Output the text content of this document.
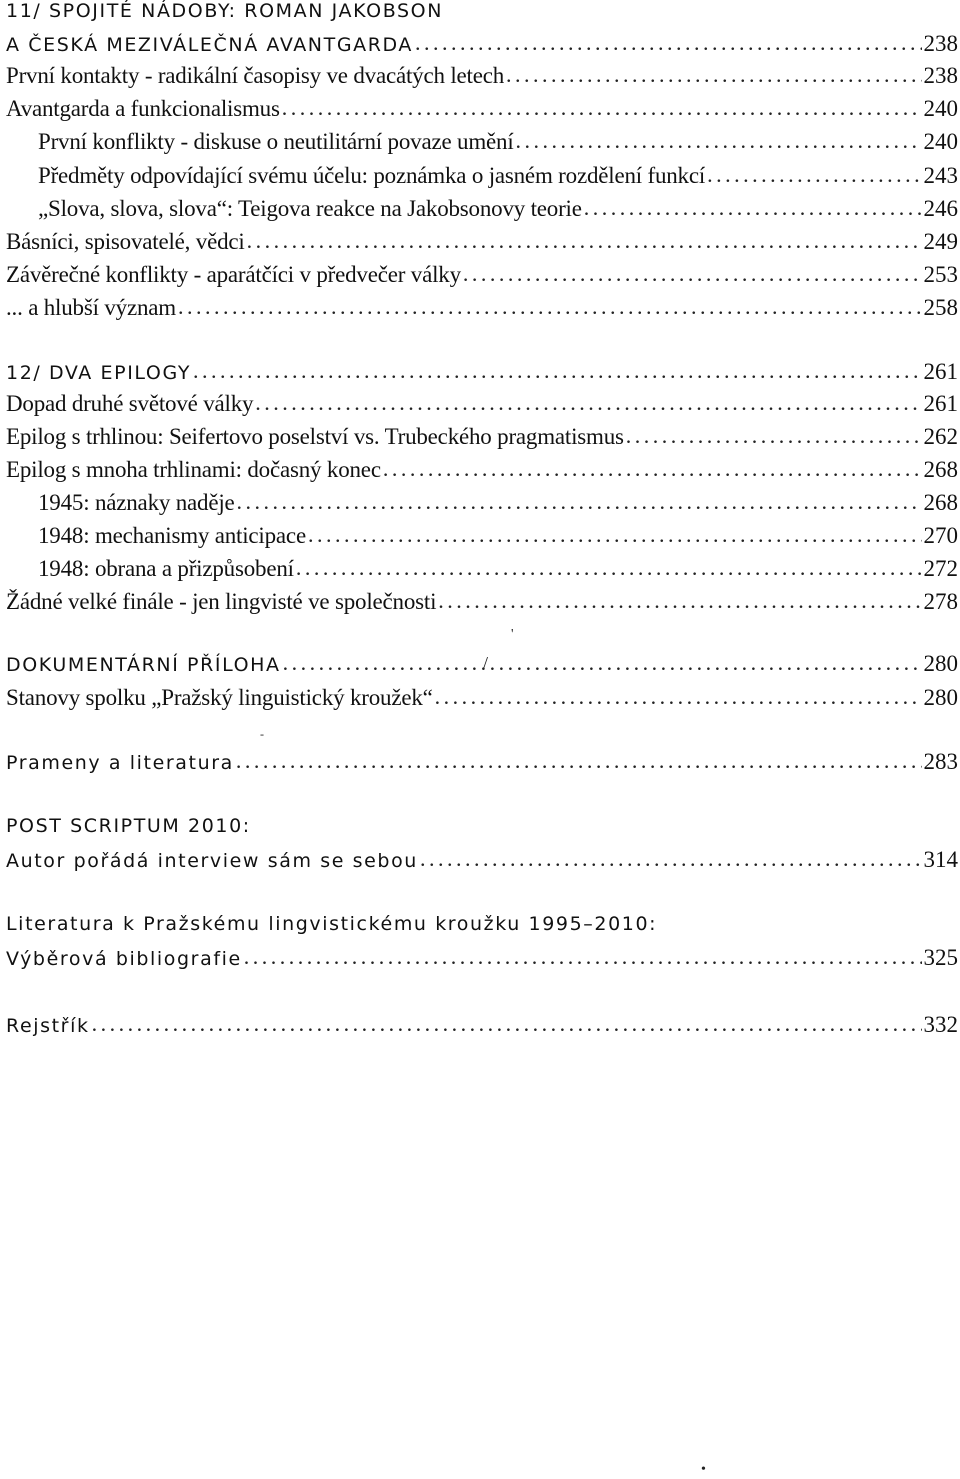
11/ SPOJITÉ NÁDOBY: ROMAN JAKOBSON
A ČESKÁ MEZIVÁLEČNÁ AVANTGARDA . . .	238
První kontakty - radikální časopisy ve dvacátých letech . . .	238
Avantgarda a funkcionalismus . . .	240
První konflikty - diskuse o neutilitární povaze umění . . .	240
Předměty odpovídající svému účelu: poznámka o jasném rozdělení funkcí . . .	243
„Slova, slova, slova“: Teigova reakce na Jakobsonovy teorie . . .	246
Básníci, spisovatelé, vědci . . .	249
Závěrečné konflikty - aparátčíci v předvečer války . . .	253
... a hlubší význam . . .	258
12/ DVA EPILOGY . . .	261
Dopad druhé světové války . . .	261
Epilog s trhlinou: Seifertovo poselství vs. Trubeckého pragmatismus . . .	262
Epilog s mnoha trhlinami: dočasný konec . . .	268
1945: náznaky naděje . . .	268
1948: mechanismy anticipace . . .	270
1948: obrana a přizpůsobení . . .	272
Žádné velké finále - jen lingvisté ve společnosti . . .	278
DOKUMENTÁRNÍ PŘÍLOHA . . .	280
Stanovy spolku „Pražský linguistický kroužek“ . . .	280
Prameny a literatura . . .	283
POST SCRIPTUM 2010:
Autor pořádá interview sám se sebou . . .	314
Literatura k Pražskému lingvistickému kroužku 1995–2010:
Výběrová bibliografie . . .	325
Rejstřík . . .	332
'
/
-
•
